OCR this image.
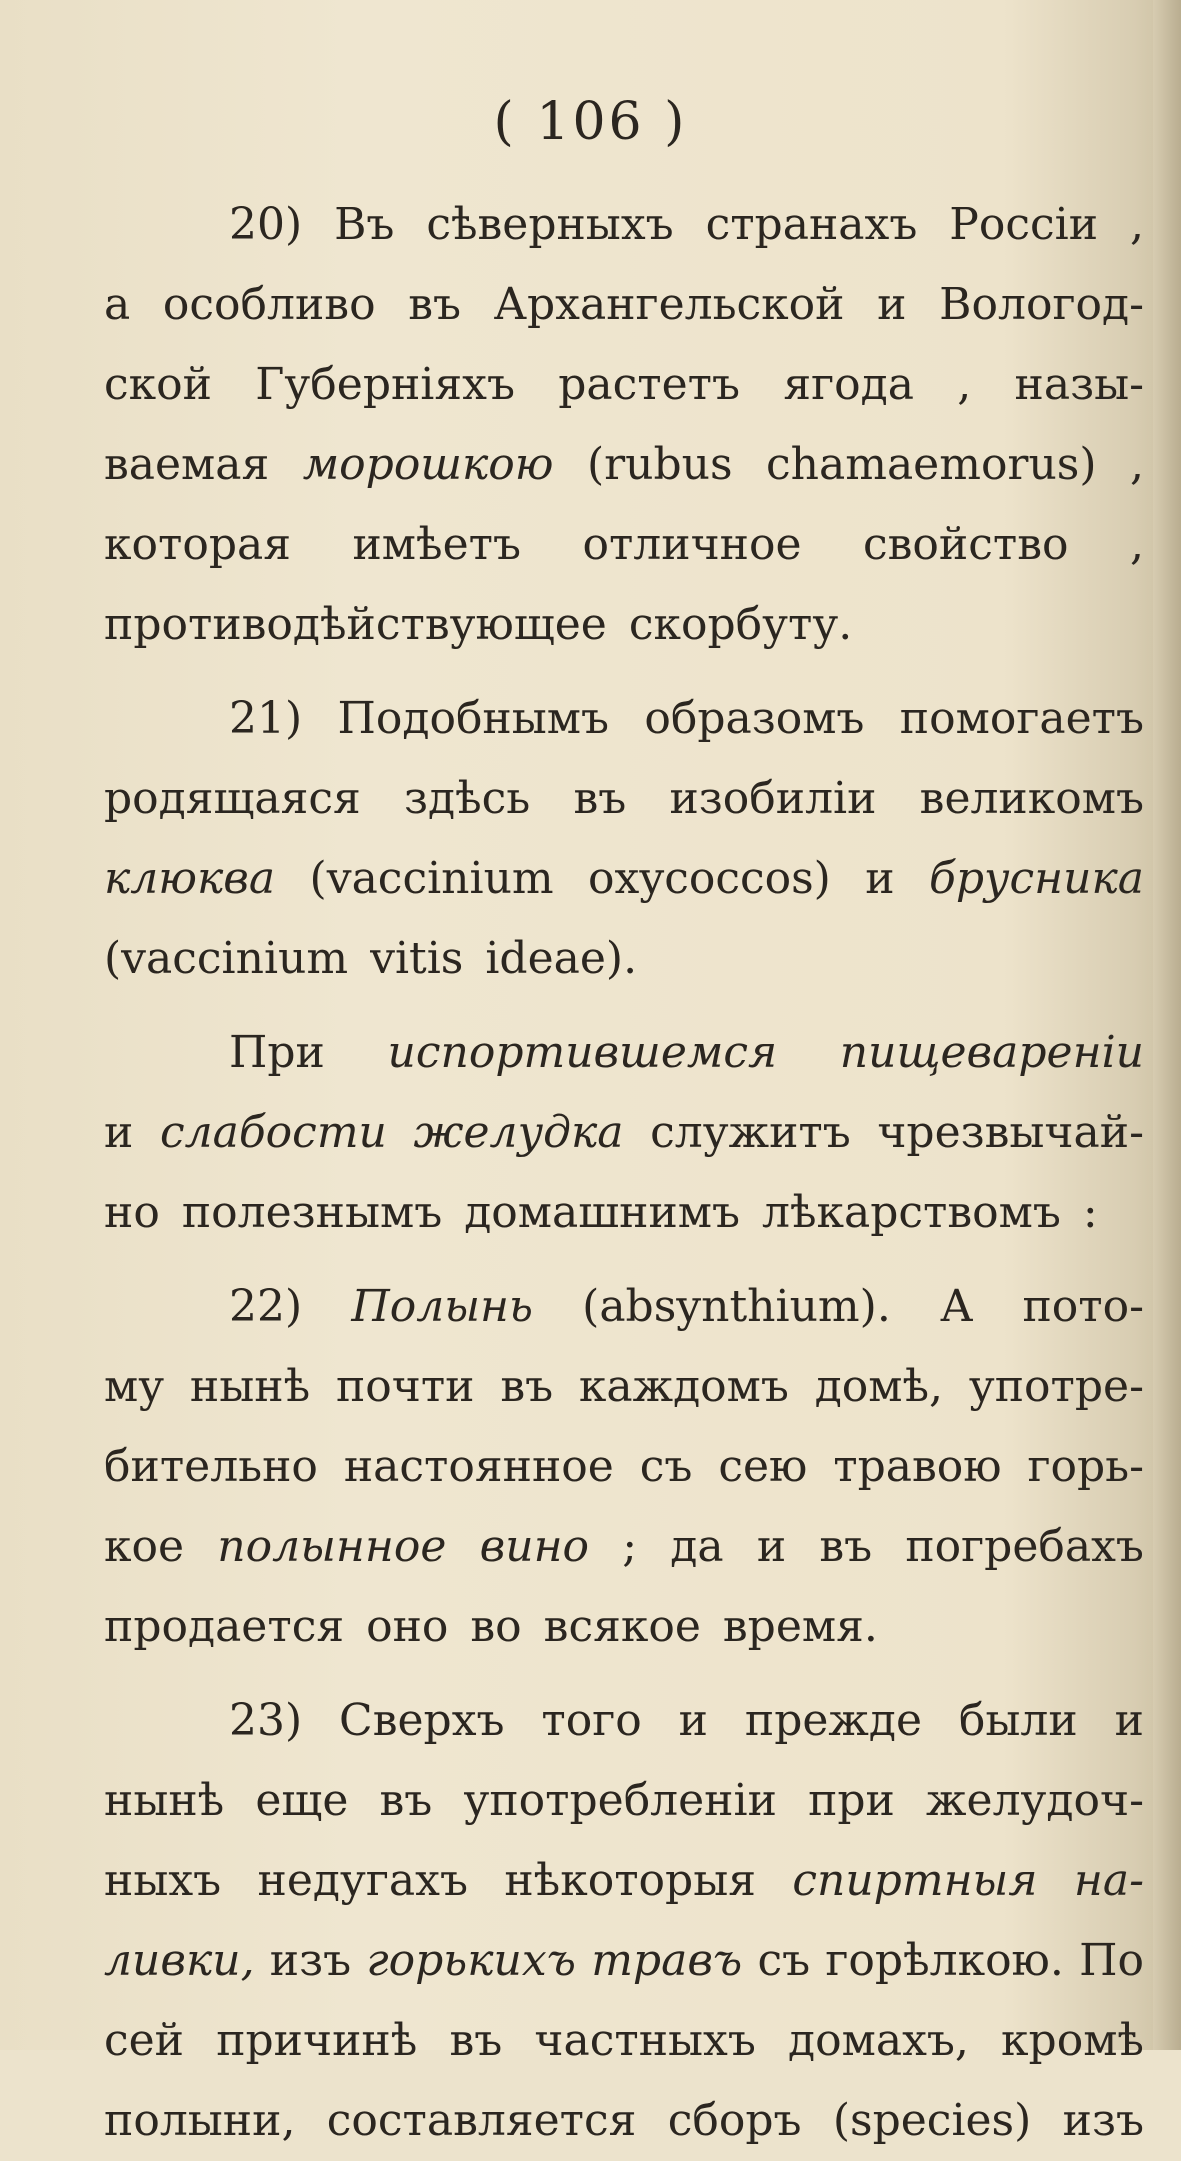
( 106 )
20) Въ сѣверныхъ странахъ Россіи ,
а особливо въ Архангельской и Вологод-
ской Губерніяхъ растетъ ягода , назы-
ваемая морошкою (rubus chamaemorus) ,
которая имѣетъ отличное свойство ,
противодѣйствующее скорбуту.
21) Подобнымъ образомъ помогаетъ
родящаяся здѣсь въ изобиліи великомъ
клюква (vaccinium oxycoccos) и брусника
(vaccinium vitis ideae).
При испортившемся пищевареніи
и слабости желудка служитъ чрезвычай-
но полезнымъ домашнимъ лѣкарствомъ :
22) Полынь (absynthium). А пото-
му нынѣ почти въ каждомъ домѣ, употре-
бительно настоянное съ сею травою горь-
кое полынное вино ; да и въ погребахъ
продается оно во всякое время.
23) Сверхъ того и прежде были и
нынѣ еще въ употребленіи при желудоч-
ныхъ недугахъ нѣкоторыя спиртныя на-
ливки, изъ горькихъ травъ съ горѣлкою. По
сей причинѣ въ частныхъ домахъ, кромѣ
полыни, составляется сборъ (species) изъ
